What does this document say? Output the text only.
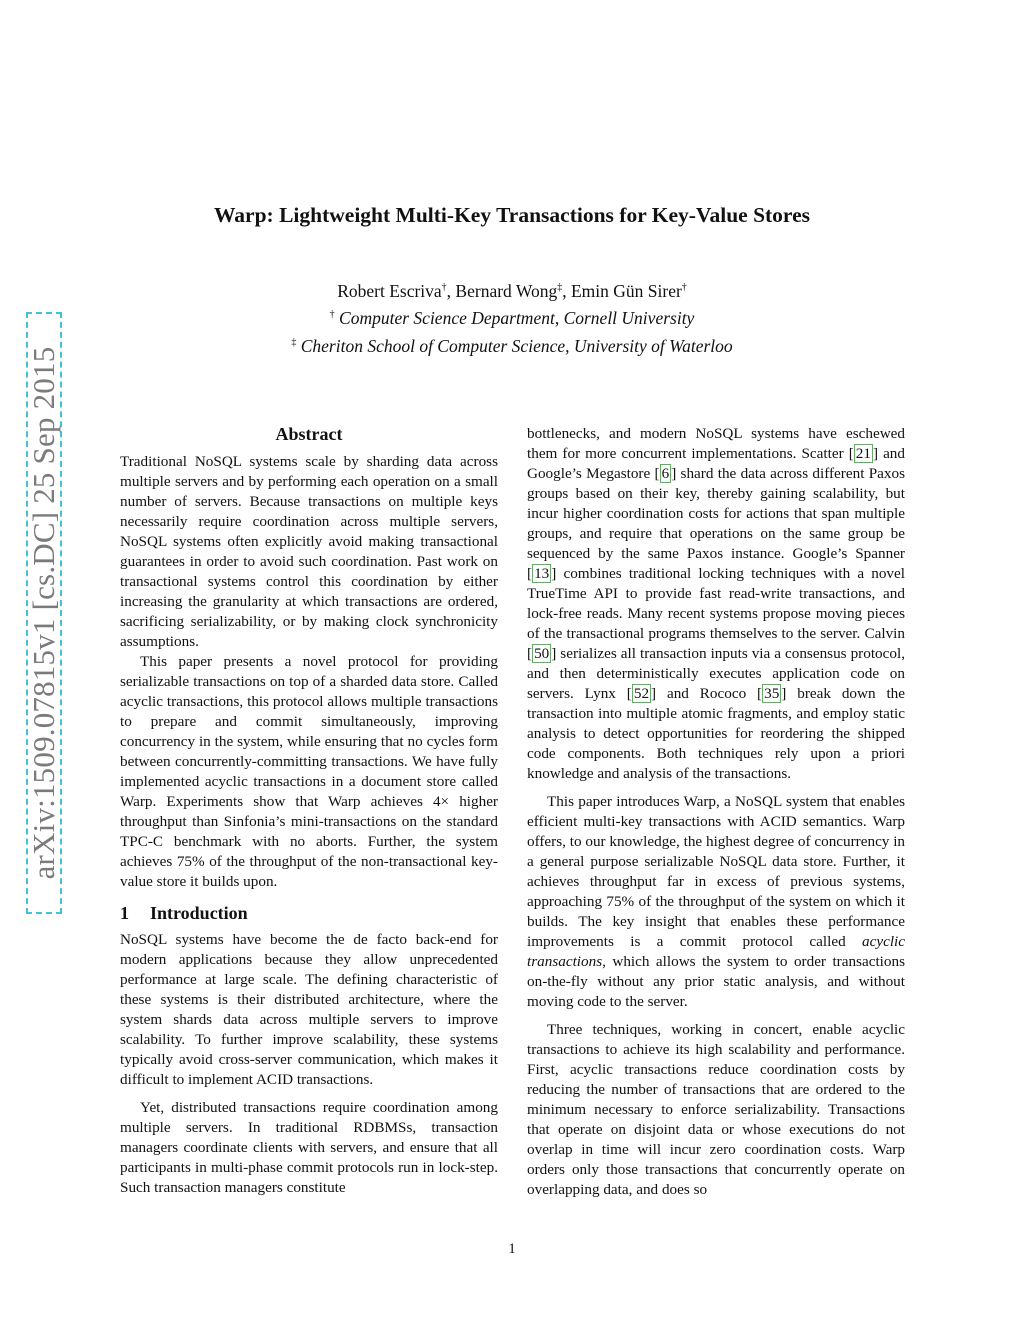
Warp: Lightweight Multi-Key Transactions for Key-Value Stores
Robert Escriva†, Bernard Wong‡, Emin Gün Sirer†
† Computer Science Department, Cornell University
‡ Cheriton School of Computer Science, University of Waterloo
arXiv:1509.07815v1 [cs.DC] 25 Sep 2015	Abstract

Traditional NoSQL systems scale by sharding data across multiple servers and by performing each operation on a small number of servers. Because transactions on multiple keys necessarily require coordination across multiple servers, NoSQL systems often explicitly avoid making transactional guarantees in order to avoid such coordination. Past work on transactional systems control this coordination by either increasing the granularity at which transactions are ordered, sacrificing serializability, or by making clock synchronicity assumptions.

This paper presents a novel protocol for providing serializable transactions on top of a sharded data store. Called acyclic transactions, this protocol allows multiple transactions to prepare and commit simultaneously, improving concurrency in the system, while ensuring that no cycles form between concurrently-committing transactions. We have fully implemented acyclic transactions in a document store called Warp. Experiments show that Warp achieves 4× higher throughput than Sinfonia’s mini-transactions on the standard TPC-C benchmark with no aborts. Further, the system achieves 75% of the throughput of the non-transactional key-value store it builds upon.

1 Introduction

NoSQL systems have become the de facto back-end for modern applications because they allow unprecedented performance at large scale. The defining characteristic of these systems is their distributed architecture, where the system shards data across multiple servers to improve scalability. To further improve scalability, these systems typically avoid cross-server communication, which makes it difficult to implement ACID transactions.

Yet, distributed transactions require coordination among multiple servers. In traditional RDBMSs, transaction managers coordinate clients with servers, and ensure that all participants in multi-phase commit protocols run in lock-step. Such transaction managers constitute

bottlenecks, and modern NoSQL systems have eschewed them for more concurrent implementations. Scatter [ 21 ] and Google’s Megastore [ 6 ] shard the data across different Paxos groups based on their key, thereby gaining scalability, but incur higher coordination costs for actions that span multiple groups, and require that operations on the same group be sequenced by the same Paxos instance. Google’s Spanner [ 13 ] combines traditional locking techniques with a novel TrueTime API to provide fast read-write transactions, and lock-free reads. Many recent systems propose moving pieces of the transactional programs themselves to the server. Calvin [ 50 ] serializes all transaction inputs via a consensus protocol, and then deterministically executes application code on servers. Lynx [ 52 ] and Rococo [ 35 ] break down the transaction into multiple atomic fragments, and employ static analysis to detect opportunities for reordering the shipped code components. Both techniques rely upon a priori knowledge and analysis of the transactions.

This paper introduces Warp, a NoSQL system that enables efficient multi-key transactions with ACID semantics. Warp offers, to our knowledge, the highest degree of concurrency in a general purpose serializable NoSQL data store. Further, it achieves throughput far in excess of previous systems, approaching 75% of the throughput of the system on which it builds. The key insight that enables these performance improvements is a commit protocol called acyclic transactions, which allows the system to order transactions on-the-fly without any prior static analysis, and without moving code to the server.

Three techniques, working in concert, enable acyclic transactions to achieve its high scalability and performance. First, acyclic transactions reduce coordination costs by reducing the number of transactions that are ordered to the minimum necessary to enforce serializability. Transactions that operate on disjoint data or whose executions do not overlap in time will incur zero coordination costs. Warp orders only those transactions that concurrently operate on overlapping data, and does so

1
